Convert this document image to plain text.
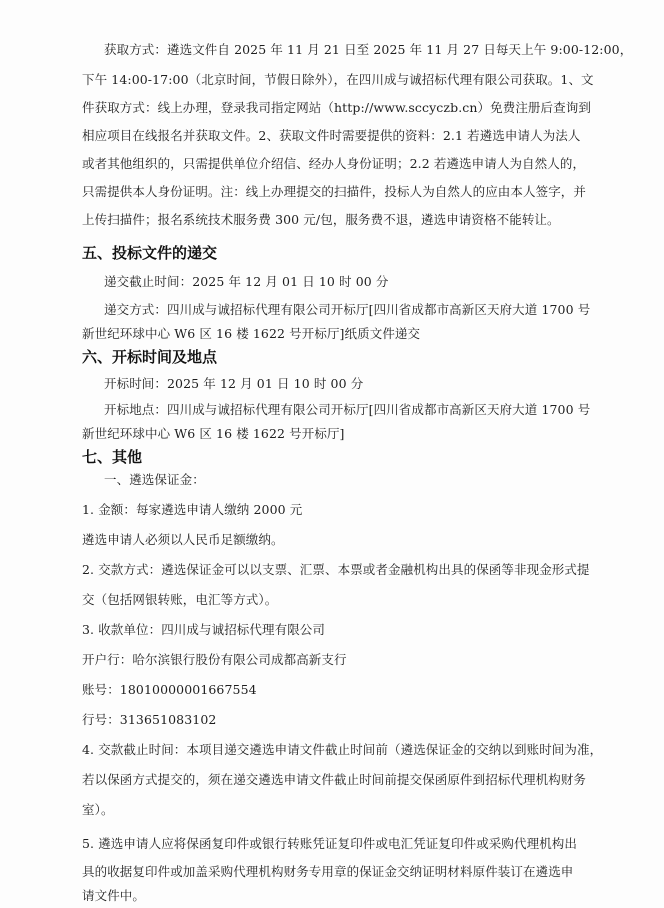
获取方式：遴选文件自 2025 年 11 月 21 日至 2025 年 11 月 27 日每天上午 9:00-12:00，
下午 14:00-17:00（北京时间，节假日除外），在四川成与诚招标代理有限公司获取。1、文
件获取方式：线上办理，登录我司指定网站（http://www.sccyczb.cn）免费注册后查询到
相应项目在线报名并获取文件。2、获取文件时需要提供的资料：2.1 若遴选申请人为法人
或者其他组织的，只需提供单位介绍信、经办人身份证明；2.2 若遴选申请人为自然人的，
只需提供本人身份证明。注：线上办理提交的扫描件，投标人为自然人的应由本人签字，并
上传扫描件；报名系统技术服务费 300 元/包，服务费不退，遴选申请资格不能转让。
五、投标文件的递交
递交截止时间：2025 年 12 月 01 日 10 时 00 分
递交方式：四川成与诚招标代理有限公司开标厅[四川省成都市高新区天府大道 1700 号
新世纪环球中心 W6 区 16 楼 1622 号开标厅]纸质文件递交
六、开标时间及地点
开标时间：2025 年 12 月 01 日 10 时 00 分
开标地点：四川成与诚招标代理有限公司开标厅[四川省成都市高新区天府大道 1700 号
新世纪环球中心 W6 区 16 楼 1622 号开标厅]
七、其他
一、遴选保证金：
1. 金额：每家遴选申请人缴纳 2000 元
遴选申请人必须以人民币足额缴纳。
2. 交款方式：遴选保证金可以以支票、汇票、本票或者金融机构出具的保函等非现金形式提
交（包括网银转账，电汇等方式）。
3. 收款单位：四川成与诚招标代理有限公司
开户行：哈尔滨银行股份有限公司成都高新支行
账号：18010000001667554
行号：313651083102
4. 交款截止时间：本项目递交遴选申请文件截止时间前（遴选保证金的交纳以到账时间为准，
若以保函方式提交的，须在递交遴选申请文件截止时间前提交保函原件到招标代理机构财务
室）。
5. 遴选申请人应将保函复印件或银行转账凭证复印件或电汇凭证复印件或采购代理机构出
具的收据复印件或加盖采购代理机构财务专用章的保证金交纳证明材料原件装订在遴选申
请文件中。
